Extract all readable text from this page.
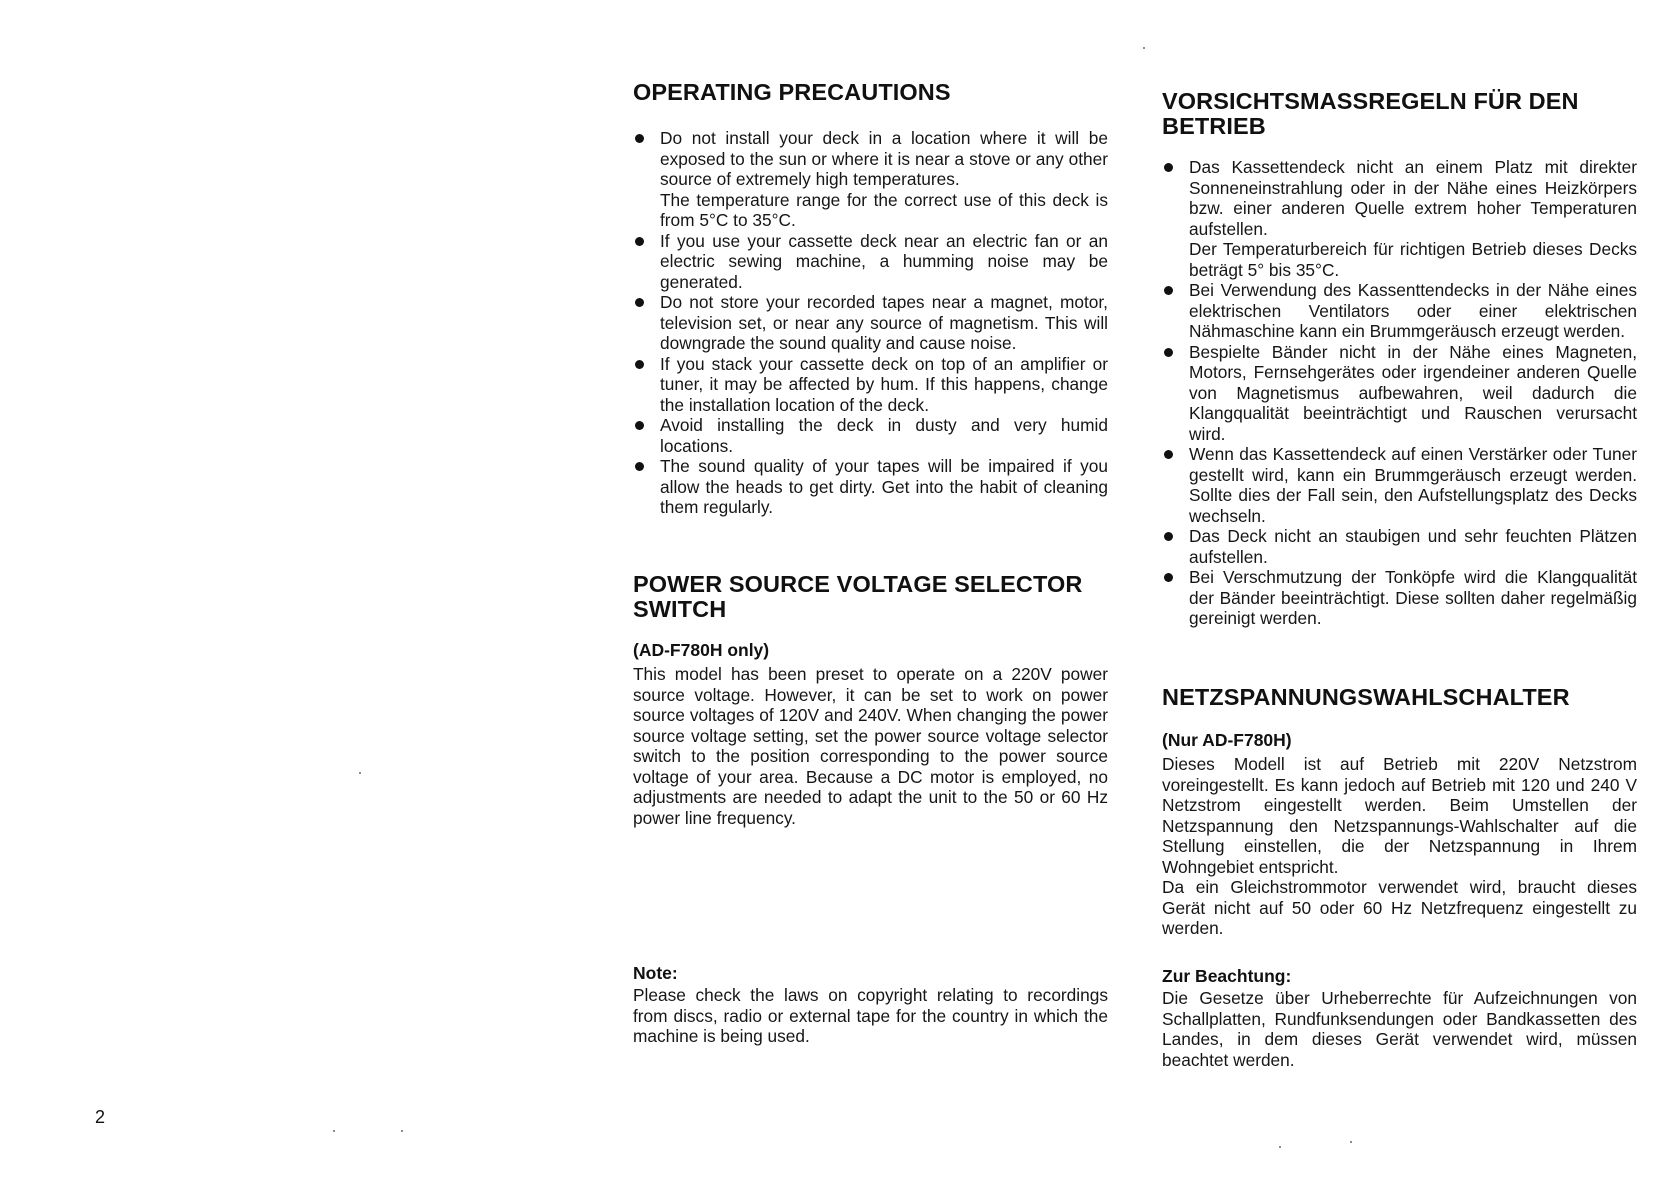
OPERATING PRECAUTIONS
Do not install your deck in a location where it will be exposed to the sun or where it is near a stove or any other source of extremely high temperatures.
The temperature range for the correct use of this deck is from 5°C to 35°C.
If you use your cassette deck near an electric fan or an electric sewing machine, a humming noise may be generated.
Do not store your recorded tapes near a magnet, motor, television set, or near any source of magnetism. This will downgrade the sound quality and cause noise.
If you stack your cassette deck on top of an amplifier or tuner, it may be affected by hum. If this happens, change the installation location of the deck.
Avoid installing the deck in dusty and very humid locations.
The sound quality of your tapes will be impaired if you allow the heads to get dirty. Get into the habit of cleaning them regularly.
POWER SOURCE VOLTAGE SELECTOR SWITCH
(AD-F780H only)

This model has been preset to operate on a 220V power source voltage. However, it can be set to work on power source voltages of 120V and 240V. When changing the power source voltage setting, set the power source voltage selector switch to the position corresponding to the power source voltage of your area. Because a DC motor is employed, no adjustments are needed to adapt the unit to the 50 or 60 Hz power line frequency.

Note:

Please check the laws on copyright relating to recordings from discs, radio or external tape for the country in which the machine is being used.

VORSICHTSMASSREGELN FÜR DEN BETRIEB
Das Kassettendeck nicht an einem Platz mit direkter Sonneneinstrahlung oder in der Nähe eines Heizkörpers bzw. einer anderen Quelle extrem hoher Temperaturen aufstellen.
Der Temperaturbereich für richtigen Betrieb dieses Decks beträgt 5° bis 35°C.
Bei Verwendung des Kassenttendecks in der Nähe eines elektrischen Ventilators oder einer elektrischen Nähmaschine kann ein Brummgeräusch erzeugt werden.
Bespielte Bänder nicht in der Nähe eines Magneten, Motors, Fernsehgerätes oder irgendeiner anderen Quelle von Magnetismus aufbewahren, weil dadurch die Klangqualität beeinträchtigt und Rauschen verursacht wird.
Wenn das Kassettendeck auf einen Verstärker oder Tuner gestellt wird, kann ein Brummgeräusch erzeugt werden. Sollte dies der Fall sein, den Aufstellungsplatz des Decks wechseln.
Das Deck nicht an staubigen und sehr feuchten Plätzen aufstellen.
Bei Verschmutzung der Tonköpfe wird die Klangqualität der Bänder beeinträchtigt. Diese sollten daher regelmäßig gereinigt werden.
NETZSPANNUNGSWAHLSCHALTER
(Nur AD-F780H)

Dieses Modell ist auf Betrieb mit 220V Netzstrom voreingestellt. Es kann jedoch auf Betrieb mit 120 und 240 V Netzstrom eingestellt werden. Beim Umstellen der Netzspannung den Netzspannungs-Wahlschalter auf die Stellung einstellen, die der Netzspannung in Ihrem Wohngebiet entspricht.
Da ein Gleichstrommotor verwendet wird, braucht dieses Gerät nicht auf 50 oder 60 Hz Netzfrequenz eingestellt zu werden.

Zur Beachtung:

Die Gesetze über Urheberrechte für Aufzeichnungen von Schallplatten, Rundfunksendungen oder Bandkassetten des Landes, in dem dieses Gerät verwendet wird, müssen beachtet werden.

2
